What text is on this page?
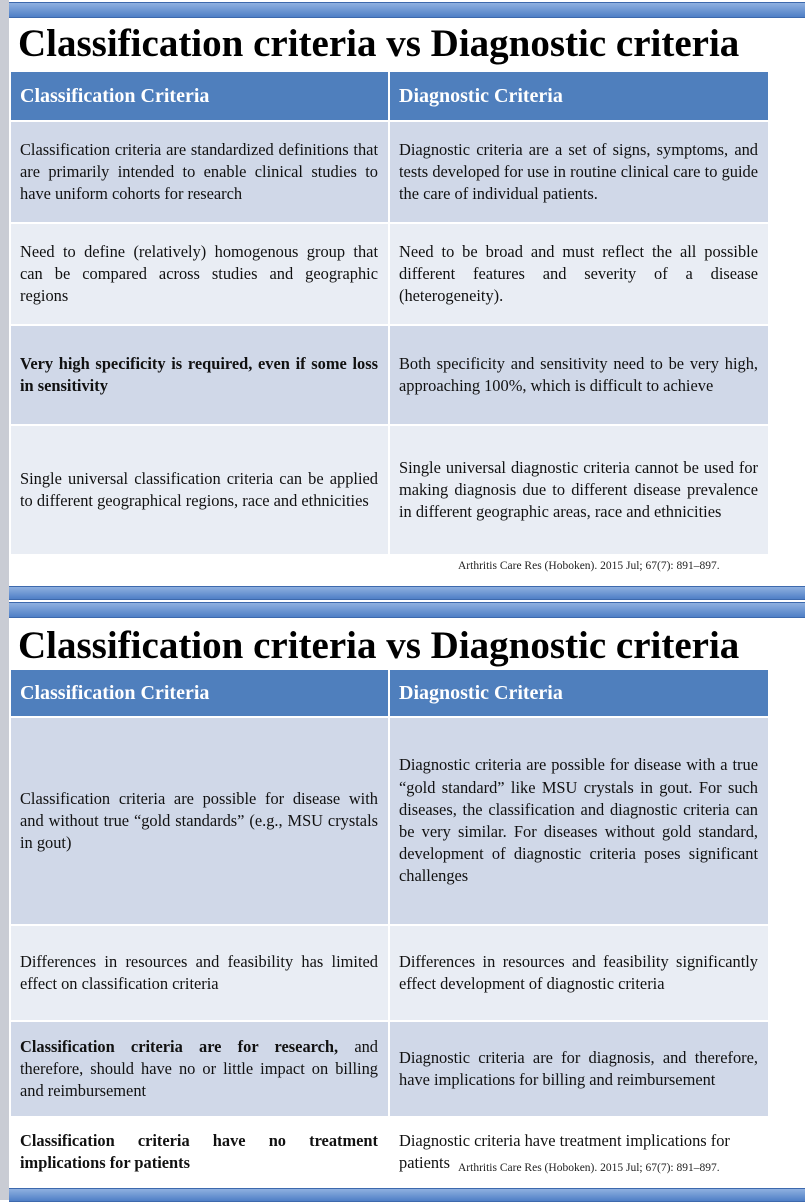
Classification criteria vs Diagnostic criteria
Classification Criteria	Diagnostic Criteria
Classification criteria are standardized definitions that are primarily intended to enable clinical studies to have uniform cohorts for research
Diagnostic criteria are a set of signs, symptoms, and tests developed for use in routine clinical care to guide the care of individual patients.
Need to define (relatively) homogenous group that can be compared across studies and geographic regions
Need to be broad and must reflect the all possible different features and severity of a disease (heterogeneity).
Very high specificity is required, even if some loss in sensitivity
Both specificity and sensitivity need to be very high, approaching 100%, which is difficult to achieve
Single universal classification criteria can be applied to different geographical regions, race and ethnicities
Single universal diagnostic criteria cannot be used for making diagnosis due to different disease prevalence in different geographic areas, race and ethnicities
Arthritis Care Res (Hoboken). 2015 Jul; 67(7): 891–897.
Classification criteria vs Diagnostic criteria
Classification Criteria	Diagnostic Criteria
Classification criteria are possible for disease with and without true “gold standards” (e.g., MSU crystals in gout)
Diagnostic criteria are possible for disease with a true “gold standard” like MSU crystals in gout. For such diseases, the classification and diagnostic criteria can be very similar. For diseases without gold standard, development of diagnostic criteria poses significant challenges
Differences in resources and feasibility has limited effect on classification criteria
Differences in resources and feasibility significantly effect development of diagnostic criteria
Classification criteria are for research, and therefore, should have no or little impact on billing and reimbursement
Diagnostic criteria are for diagnosis, and therefore, have implications for billing and reimbursement
Classification criteria have no treatment implications for patients
Diagnostic criteria have treatment implications for patients Arthritis Care Res (Hoboken). 2015 Jul; 67(7): 891–897.
